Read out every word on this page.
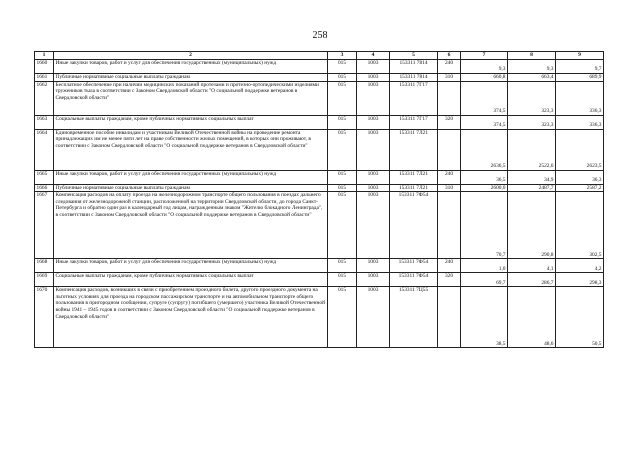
258
1	2	3	4	5	6	7	8	9
1660	Иные закупки товаров, работ и услуг для обеспечения государственных (муниципальных) нужд	015	1003	153311 7814	240	9,3	9,3	9,7
1661	Публичные нормативные социальные выплаты гражданам	015	1003	153311 7814	310	660,8	663,4	689,9
1662	Бесплатное обеспечение при наличии медицинских показаний протезами и протезно-ортопедическими изделиями тружеников тыла в соответствии с Законом Свердловской области "О социальной поддержке ветеранов в Свердловской области"	015	1003	153311 7Г17		374,5	323,3	336,3
1663	Социальные выплаты гражданам, кроме публичных нормативных социальных выплат	015	1003	153311 7Г17	320	374,5	323,3	336,3
1664	Единовременное пособие инвалидам и участникам Великой Отечественной войны на проведение ремонта принадлежащих им не менее пяти лет на праве собственности жилых помещений, в которых они проживают, в соответствии с Законом Свердловской области "О социальной поддержке ветеранов в Свердловской области"	015	1003	153311 7Л21		2636,5	2522,6	2623,5
1665	Иные закупки товаров, работ и услуг для обеспечения государственных (муниципальных) нужд	015	1003	153311 7Л21	240	36,5	34,9	36,3
1666	Публичные нормативные социальные выплаты гражданам	015	1003	153311 7Л21	310	2600,0	2487,7	2587,2
1667	Компенсация расходов на оплату проезда на железнодорожном транспорте общего пользования в поездах дальнего следования от железнодорожной станции, расположенной на территории Свердловской области, до города Санкт-Петербурга и обратно один раз в календарный год лицам, награжденным знаком "Жителю блокадного Ленинграда", в соответствии с Законом Свердловской области "О социальной поддержке ветеранов в Свердловской области"	015	1003	153311 7Ф54		70,7	290,8	302,5
1668	Иные закупки товаров, работ и услуг для обеспечения государственных (муниципальных) нужд	015	1003	153311 7Ф54	240	1,0	4,1	4,2
1669	Социальные выплаты гражданам, кроме публичных нормативных социальных выплат	015	1003	153311 7Ф54	320	69,7	286,7	298,3
1670	Компенсация расходов, возникших в связи с приобретением проездного билета, другого проездного документа на льготных условиях для проезда на городском пассажирском транспорте и на автомобильном транспорте общего пользования в пригородном сообщении, супруге (супругу) погибшего (умершего) участника Великой Отечественной войны 1941 – 1945 годов в соответствии с Законом Свердловской области "О социальной поддержке ветеранов в Свердловской области"	015	1003	153311 7Ц55		38,5	48,6	50,5
